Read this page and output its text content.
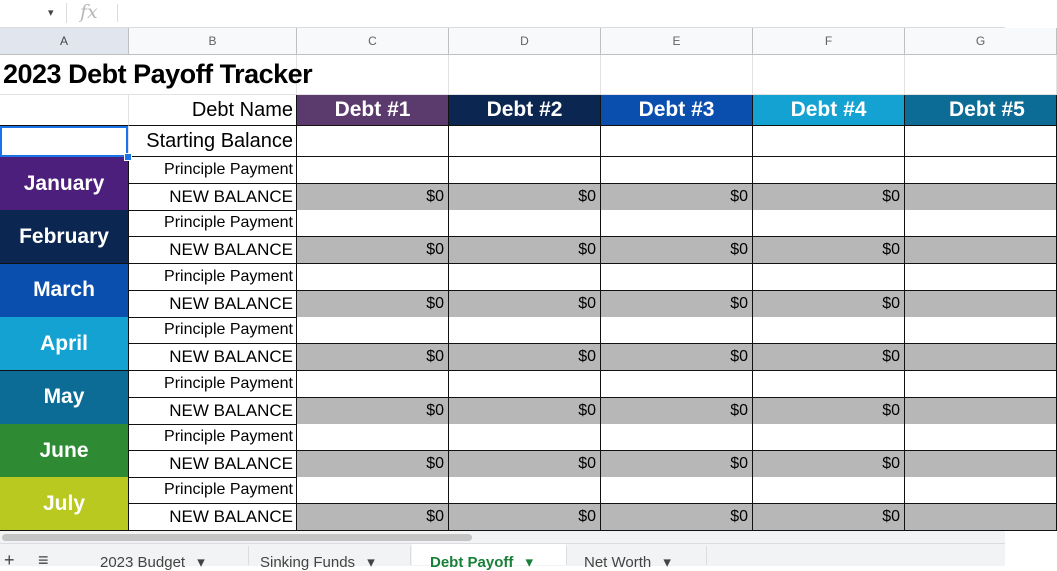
▾ fx
A	B	C	D	E	F	G
2023 Debt Payoff Tracker
Debt Name	Debt #1	Debt #2	Debt #3	Debt #4	Debt #5
Starting Balance
January
Principle Payment
NEW BALANCE	$0	$0	$0	$0
February
Principle Payment
NEW BALANCE	$0	$0	$0	$0
March
Principle Payment
NEW BALANCE	$0	$0	$0	$0
April
Principle Payment
NEW BALANCE	$0	$0	$0	$0
May
Principle Payment
NEW BALANCE	$0	$0	$0	$0
June
Principle Payment
NEW BALANCE	$0	$0	$0	$0
July
Principle Payment
NEW BALANCE	$0	$0	$0	$0
+ ≡	2023 Budget ▾	Sinking Funds ▾	Debt Payoff ▾	Net Worth ▾
